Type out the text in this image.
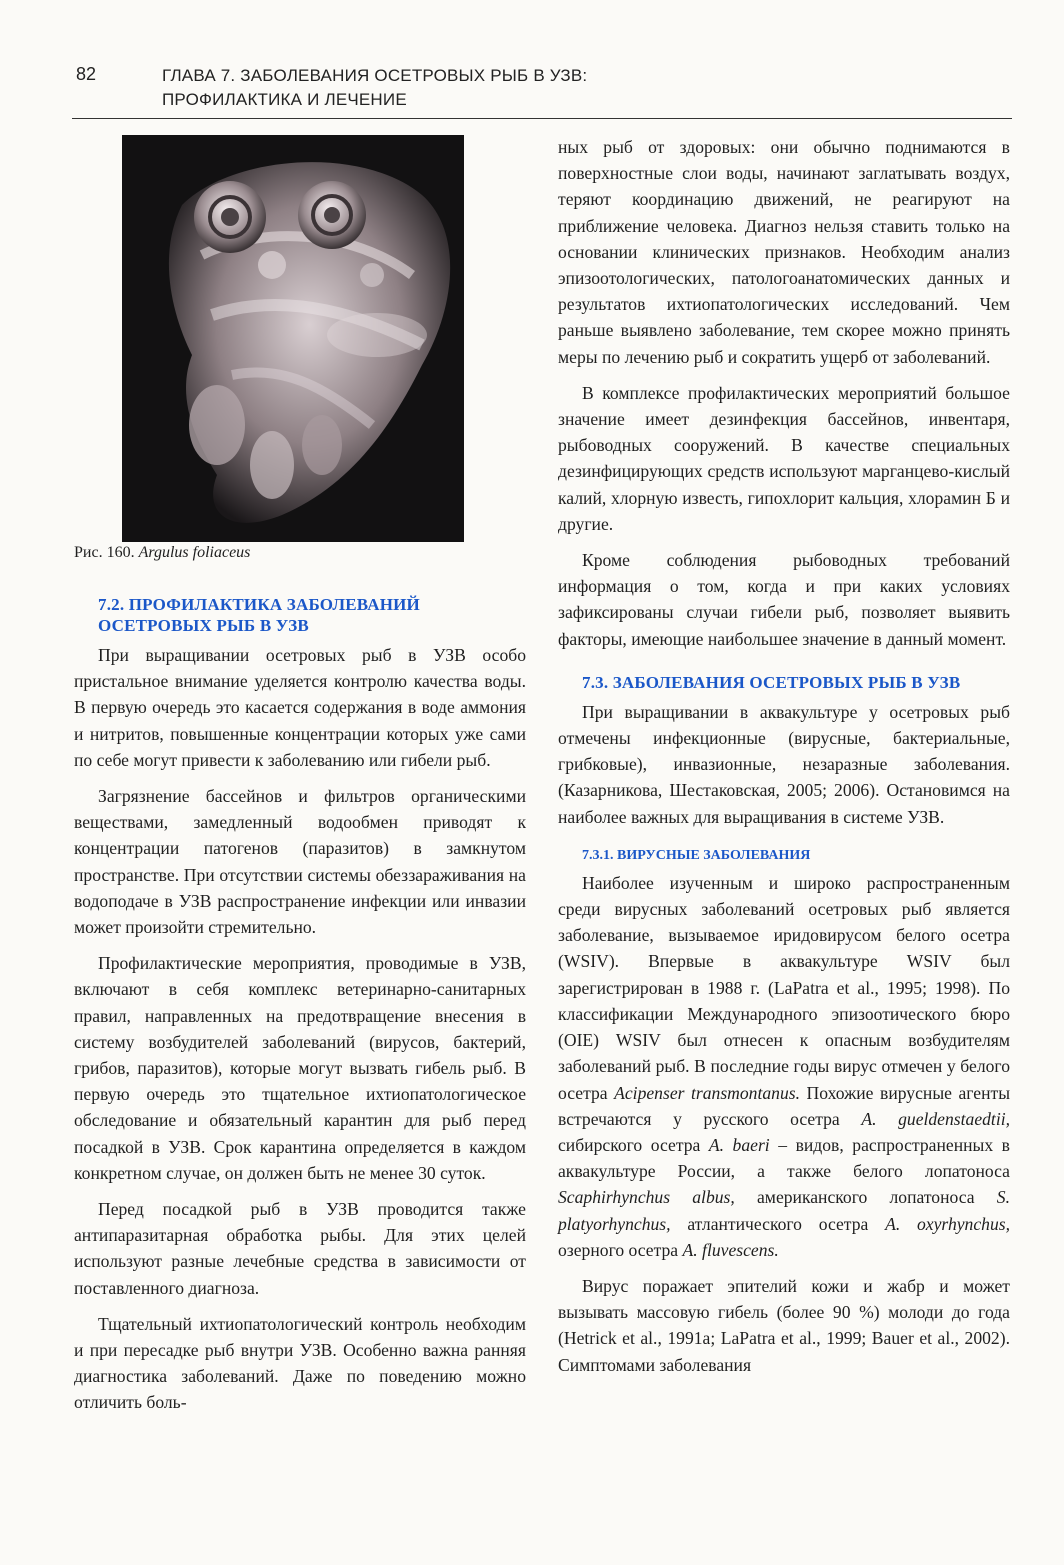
82	ГЛАВА 7. ЗАБОЛЕВАНИЯ ОСЕТРОВЫХ РЫБ В УЗВ:
ПРОФИЛАКТИКА И ЛЕЧЕНИЕ

Рис. 160. Argulus foliaceus

7.2. ПРОФИЛАКТИКА ЗАБОЛЕВАНИЙ
ОСЕТРОВЫХ РЫБ В УЗВ

При выращивании осетровых рыб в УЗВ особо пристальное внимание уделяется контролю качества воды. В первую очередь это касается содержания в воде аммония и нитритов, повышенные концентрации которых уже сами по себе могут привести к заболеванию или гибели рыб.

Загрязнение бассейнов и фильтров органическими веществами, замедленный водообмен приводят к концентрации патогенов (паразитов) в замкнутом пространстве. При отсутствии системы обеззараживания на водоподаче в УЗВ распространение инфекции или инвазии может произойти стремительно.

Профилактические мероприятия, проводимые в УЗВ, включают в себя комплекс ветеринарно-санитарных правил, направленных на предотвращение внесения в систему возбудителей заболеваний (вирусов, бактерий, грибов, паразитов), которые могут вызвать гибель рыб. В первую очередь это тщательное ихтиопатологическое обследование и обязательный карантин для рыб перед посадкой в УЗВ. Срок карантина определяется в каждом конкретном случае, он должен быть не менее 30 суток.

Перед посадкой рыб в УЗВ проводится также антипаразитарная обработка рыбы. Для этих целей используют разные лечебные средства в зависимости от поставленного диагноза.

Тщательный ихтиопатологический контроль необходим и при пересадке рыб внутри УЗВ. Особенно важна ранняя диагностика заболеваний. Даже по поведению можно отличить боль-

ных рыб от здоровых: они обычно поднимаются в поверхностные слои воды, начинают заглатывать воздух, теряют координацию движений, не реагируют на приближение человека. Диагноз нельзя ставить только на основании клинических признаков. Необходим анализ эпизоотологических, патологоанатомических данных и результатов ихтиопатологических исследований. Чем раньше выявлено заболевание, тем скорее можно принять меры по лечению рыб и сократить ущерб от заболеваний.

В комплексе профилактических мероприятий большое значение имеет дезинфекция бассейнов, инвентаря, рыбоводных сооружений. В качестве специальных дезинфицирующих средств используют марганцево-кислый калий, хлорную известь, гипохлорит кальция, хлорамин Б и другие.

Кроме соблюдения рыбоводных требований информация о том, когда и при каких условиях зафиксированы случаи гибели рыб, позволяет выявить факторы, имеющие наибольшее значение в данный момент.

7.3. ЗАБОЛЕВАНИЯ ОСЕТРОВЫХ РЫБ В УЗВ

При выращивании в аквакультуре у осетровых рыб отмечены инфекционные (вирусные, бактериальные, грибковые), инвазионные, незаразные заболевания. (Казарникова, Шестаковская, 2005; 2006). Остановимся на наиболее важных для выращивания в системе УЗВ.

7.3.1. ВИРУСНЫЕ ЗАБОЛЕВАНИЯ

Наиболее изученным и широко распространенным среди вирусных заболеваний осетровых рыб является заболевание, вызываемое иридовирусом белого осетра (WSIV). Впервые в аквакультуре WSIV был зарегистрирован в 1988 г. (LaPatra et al., 1995; 1998). По классификации Международного эпизоотического бюро (OIE) WSIV был отнесен к опасным возбудителям заболеваний рыб. В последние годы вирус отмечен у белого осетра Acipenser transmontanus. Похожие вирусные агенты встречаются у русского осетра A. gueldenstaedtii, сибирского осетра A. baeri – видов, распространенных в аквакультуре России, а также белого лопатоноса Scaphirhynchus albus, американского лопатоноса S. platyorhynchus, атлантического осетра A. oxyrhynchus, озерного осетра A. fluvescens.

Вирус поражает эпителий кожи и жабр и может вызывать массовую гибель (более 90 %) молоди до года (Hetrick et al., 1991a; LaPatra et al., 1999; Bauer et al., 2002). Симптомами заболевания
